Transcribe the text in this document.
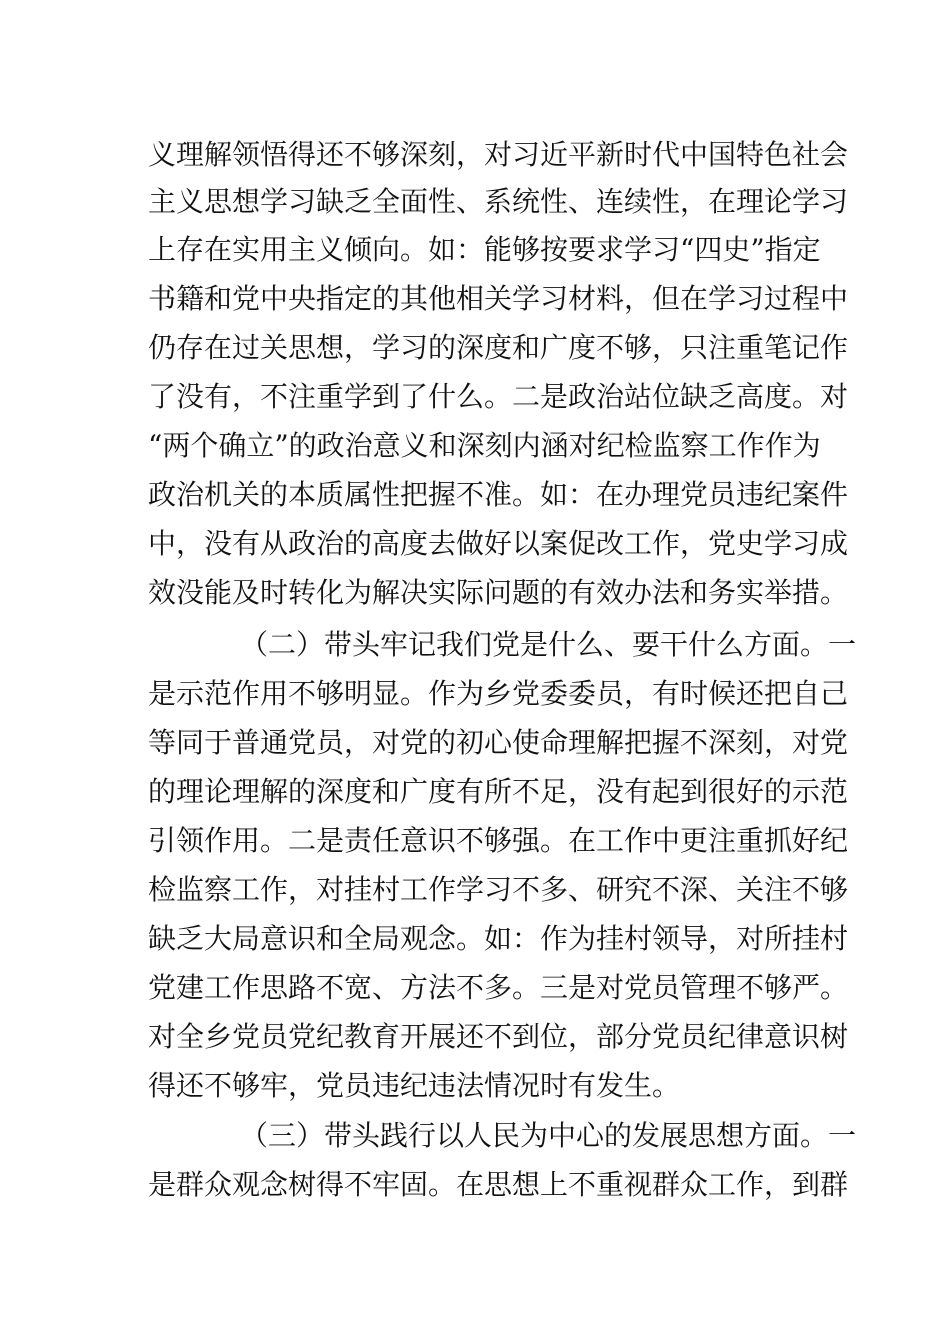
义理解领悟得还不够深刻，对习近平新时代中国特色社会
主义思想学习缺乏全面性、系统性、连续性，在理论学习
上存在实用主义倾向。如：能够按要求学习“四史”指定
书籍和党中央指定的其他相关学习材料，但在学习过程中
仍存在过关思想，学习的深度和广度不够，只注重笔记作
了没有，不注重学到了什么。二是政治站位缺乏高度。对
“两个确立”的政治意义和深刻内涵对纪检监察工作作为
政治机关的本质属性把握不准。如：在办理党员违纪案件
中，没有从政治的高度去做好以案促改工作，党史学习成
效没能及时转化为解决实际问题的有效办法和务实举措。
（二）带头牢记我们党是什么、要干什么方面。一
是示范作用不够明显。作为乡党委委员，有时候还把自己
等同于普通党员，对党的初心使命理解把握不深刻，对党
的理论理解的深度和广度有所不足，没有起到很好的示范
引领作用。二是责任意识不够强。在工作中更注重抓好纪
检监察工作，对挂村工作学习不多、研究不深、关注不够
缺乏大局意识和全局观念。如：作为挂村领导，对所挂村
党建工作思路不宽、方法不多。三是对党员管理不够严。
对全乡党员党纪教育开展还不到位，部分党员纪律意识树
得还不够牢，党员违纪违法情况时有发生。
（三）带头践行以人民为中心的发展思想方面。一
是群众观念树得不牢固。在思想上不重视群众工作，到群
